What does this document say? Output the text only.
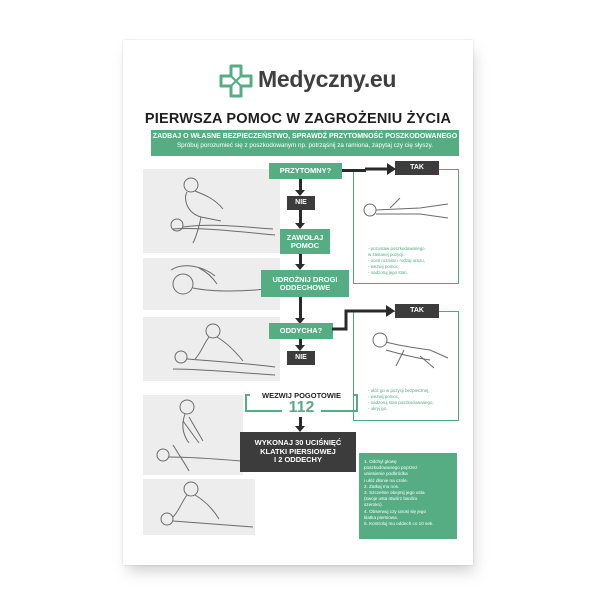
Medyczny.eu
PIERWSZA POMOC W ZAGROŻENIU ŻYCIA
ZADBAJ O WŁASNE BEZPIECZEŃSTWO, SPRAWDŹ PRZYTOMNOŚĆ POSZKODOWANEGO
Spróbuj porozumieć się z poszkodowanym np. potrząśnij za ramiona, zapytaj czy cię słyszy.
- pozostaw poszkodowanego
w zastanej pozycji,
- oceń rozmiar i rodzaj urazu,
- wezwij pomoc,
- nadzoruj jego stan.
- ułóż go w pozycji bezpiecznej,
- wezwij pomoc,
- nadzoruj stan poszkodowanego,
- okryj go.
PRZYTOMNY?	TAK
NIE
ZAWOŁAJ
POMOC
UDROŻNIJ DROGI
ODDECHOWE
ODDYCHA?
TAK
NIE
WEZWIJ POGOTOWIE
112
WYKONAJ 30 UCIŚNIĘĆ
KLATKI PIERSIOWEJ
I 2 ODDECHY	1. Odchyl głowę
poszkodowanego poprzez
uniesienie podbródka
i ułóż dłonie na czole.
2. Zatkaj mu nos.
3. Szczelnie obejmij jego usta
(swoje usta otwórz bardzo
szeroko).
4. Obserwuj czy unosi się jego
klatka piersiowa.
5. Kontroluj mu oddech co 10 sek.
